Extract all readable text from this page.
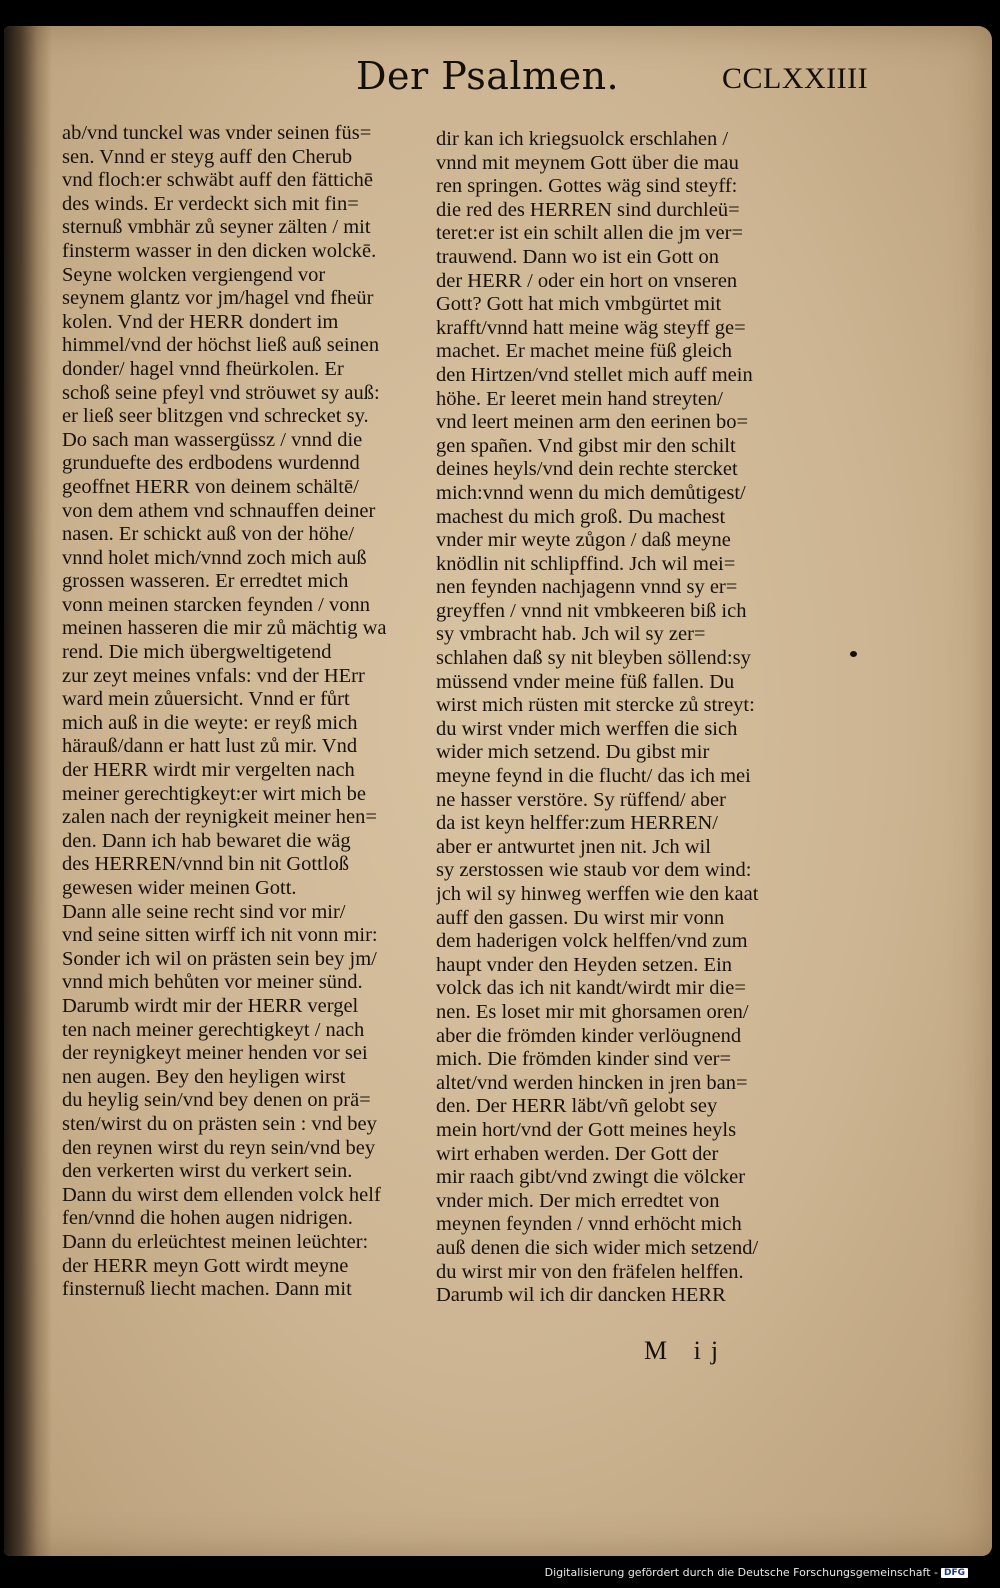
Der Psalmen.	CCLXXIIII
ab/vnd tunckel was vnder seinen füs=
sen. Vnnd er steyg auff den Cherub
vnd floch:er schwäbt auff den fättichē
des winds. Er verdeckt sich mit fin=
sternuß vmbhär zů seyner zälten / mit
finsterm wasser in den dicken wolckē.
Seyne wolcken vergiengend vor
seynem glantz vor jm/hagel vnd fheür
kolen. Vnd der HERR dondert im
himmel/vnd der höchst ließ auß seinen
donder/ hagel vnnd fheürkolen. Er
schoß seine pfeyl vnd ströuwet sy auß:
er ließ seer blitzgen vnd schrecket sy.
Do sach man wassergüssz / vnnd die
grunduefte des erdbodens wurdennd
geoffnet HERR von deinem schältē/
von dem athem vnd schnauffen deiner
nasen. Er schickt auß von der höhe/
vnnd holet mich/vnnd zoch mich auß
grossen wasseren. Er erredtet mich
vonn meinen starcken feynden / vonn
meinen hasseren die mir zů mächtig wa
rend. Die mich übergweltigetend
zur zeyt meines vnfals: vnd der HErr
ward mein zůuersicht. Vnnd er fůrt
mich auß in die weyte: er reyß mich
härauß/dann er hatt lust zů mir. Vnd
der HERR wirdt mir vergelten nach
meiner gerechtigkeyt:er wirt mich be
zalen nach der reynigkeit meiner hen=
den. Dann ich hab bewaret die wäg
des HERREN/vnnd bin nit Gottloß
gewesen wider meinen Gott.
Dann alle seine recht sind vor mir/
vnd seine sitten wirff ich nit vonn mir:
Sonder ich wil on prästen sein bey jm/
vnnd mich behůten vor meiner sünd.
Darumb wirdt mir der HERR vergel
ten nach meiner gerechtigkeyt / nach
der reynigkeyt meiner henden vor sei
nen augen. Bey den heyligen wirst
du heylig sein/vnd bey denen on prä=
sten/wirst du on prästen sein : vnd bey
den reynen wirst du reyn sein/vnd bey
den verkerten wirst du verkert sein.
Dann du wirst dem ellenden volck helf
fen/vnnd die hohen augen nidrigen.
Dann du erleüchtest meinen leüchter:
der HERR meyn Gott wirdt meyne
finsternuß liecht machen. Dann mit
dir kan ich kriegsuolck erschlahen /
vnnd mit meynem Gott über die mau
ren springen. Gottes wäg sind steyff:
die red des HERREN sind durchleü=
teret:er ist ein schilt allen die jm ver=
trauwend. Dann wo ist ein Gott on
der HERR / oder ein hort on vnseren
Gott? Gott hat mich vmbgürtet mit
krafft/vnnd hatt meine wäg steyff ge=
machet. Er machet meine füß gleich
den Hirtzen/vnd stellet mich auff mein
höhe. Er leeret mein hand streyten/
vnd leert meinen arm den eerinen bo=
gen spañen. Vnd gibst mir den schilt
deines heyls/vnd dein rechte stercket
mich:vnnd wenn du mich demůtigest/
machest du mich groß. Du machest
vnder mir weyte zůgon / daß meyne
knödlin nit schlipffind. Jch wil mei=
nen feynden nachjagenn vnnd sy er=
greyffen / vnnd nit vmbkeeren biß ich
sy vmbracht hab. Jch wil sy zer=
schlahen daß sy nit bleyben söllend:sy
müssend vnder meine füß fallen. Du
wirst mich rüsten mit stercke zů streyt:
du wirst vnder mich werffen die sich
wider mich setzend. Du gibst mir
meyne feynd in die flucht/ das ich mei
ne hasser verstöre. Sy rüffend/ aber
da ist keyn helffer:zum HERREN/
aber er antwurtet jnen nit. Jch wil
sy zerstossen wie staub vor dem wind:
jch wil sy hinweg werffen wie den kaat
auff den gassen. Du wirst mir vonn
dem haderigen volck helffen/vnd zum
haupt vnder den Heyden setzen. Ein
volck das ich nit kandt/wirdt mir die=
nen. Es loset mir mit ghorsamen oren/
aber die frömden kinder verlöugnend
mich. Die frömden kinder sind ver=
altet/vnd werden hincken in jren ban=
den. Der HERR läbt/vñ gelobt sey
mein hort/vnd der Gott meines heyls
wirt erhaben werden. Der Gott der
mir raach gibt/vnd zwingt die völcker
vnder mich. Der mich erredtet von
meynen feynden / vnnd erhöcht mich
auß denen die sich wider mich setzend/
du wirst mir von den fräfelen helffen.
Darumb wil ich dir dancken HERR
M ij
Digitalisierung gefördert durch die Deutsche Forschungsgemeinschaft - DFG
